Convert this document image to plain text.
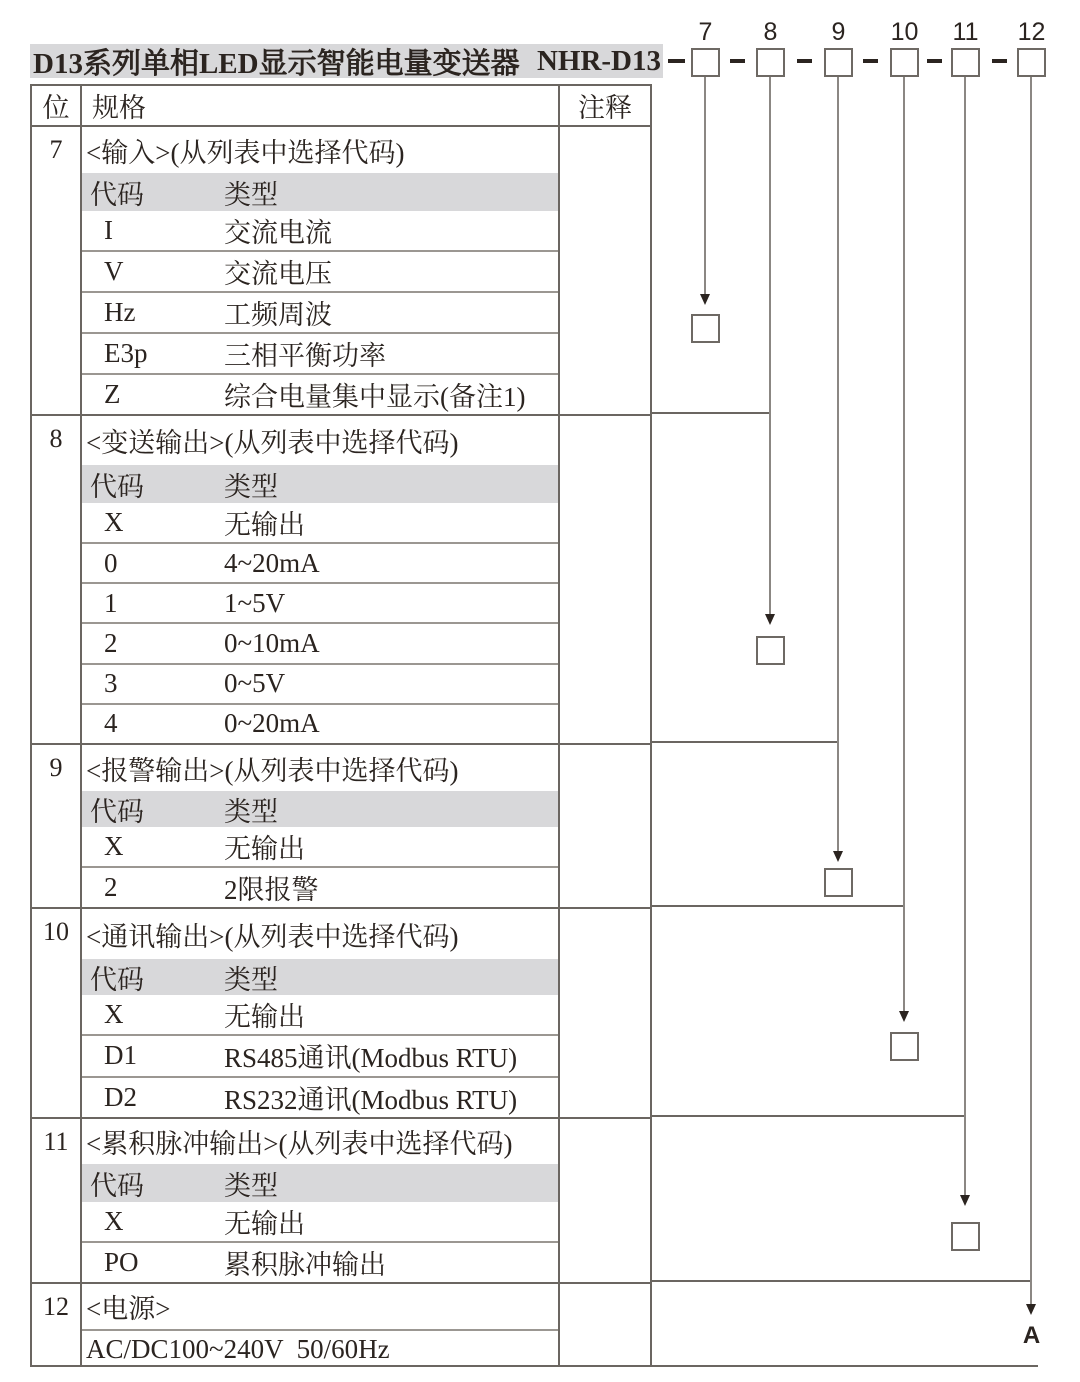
D13系列单相LED显示智能电量变送器 NHR-D13
位 规格	注释
7 <输入>(从列表中选择代码)
代码	类型
I	交流电流
V	交流电压
Hz	工频周波
E3p	三相平衡功率
Z	综合电量集中显示(备注1)
8 <变送输出>(从列表中选择代码)
代码	类型
X	无输出
0	4~20mA
1	1~5V
2	0~10mA
3	0~5V
4	0~20mA
9 <报警输出>(从列表中选择代码)
代码	类型
X	无输出
2	2限报警
10 <通讯输出>(从列表中选择代码)
代码	类型
X	无输出
D1	RS485通讯(Modbus RTU)
D2	RS232通讯(Modbus RTU)
11 <累积脉冲输出>(从列表中选择代码)
代码	类型
X	无输出
PO	累积脉冲输出
12 <电源>
AC/DC100~240V  50/60Hz
7	8	9	10	11	12
A
